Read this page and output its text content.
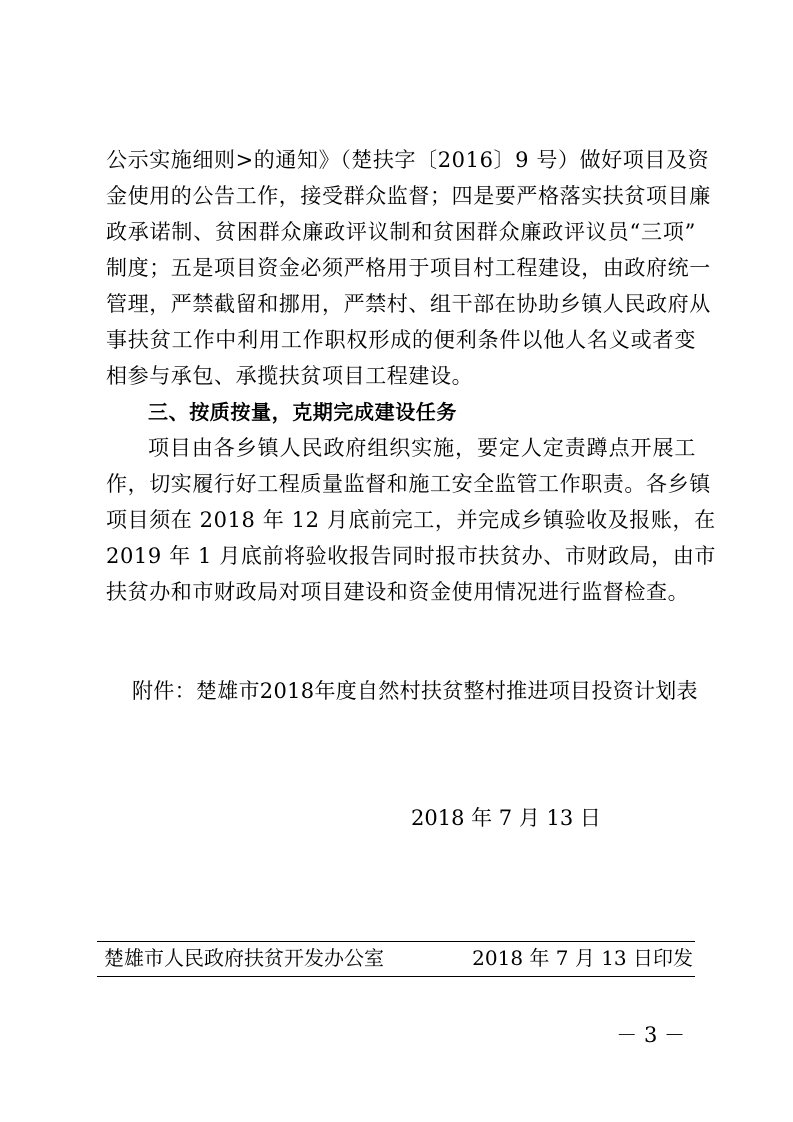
公示实施细则>的通知》（楚扶字〔2016〕9 号）做好项目及资
金使用的公告工作，接受群众监督；四是要严格落实扶贫项目廉
政承诺制、贫困群众廉政评议制和贫困群众廉政评议员“三项”
制度；五是项目资金必须严格用于项目村工程建设，由政府统一
管理，严禁截留和挪用，严禁村、组干部在协助乡镇人民政府从
事扶贫工作中利用工作职权形成的便利条件以他人名义或者变
相参与承包、承揽扶贫项目工程建设。
三、按质按量，克期完成建设任务
项目由各乡镇人民政府组织实施，要定人定责蹲点开展工
作，切实履行好工程质量监督和施工安全监管工作职责。各乡镇
项目须在 2018 年 12 月底前完工，并完成乡镇验收及报账，在
2019 年 1 月底前将验收报告同时报市扶贫办、市财政局，由市
扶贫办和市财政局对项目建设和资金使用情况进行监督检查。
附件：楚雄市2018年度自然村扶贫整村推进项目投资计划表
2018 年 7 月 13 日
楚雄市人民政府扶贫开发办公室	2018 年 7 月 13 日印发
－ 3 －
